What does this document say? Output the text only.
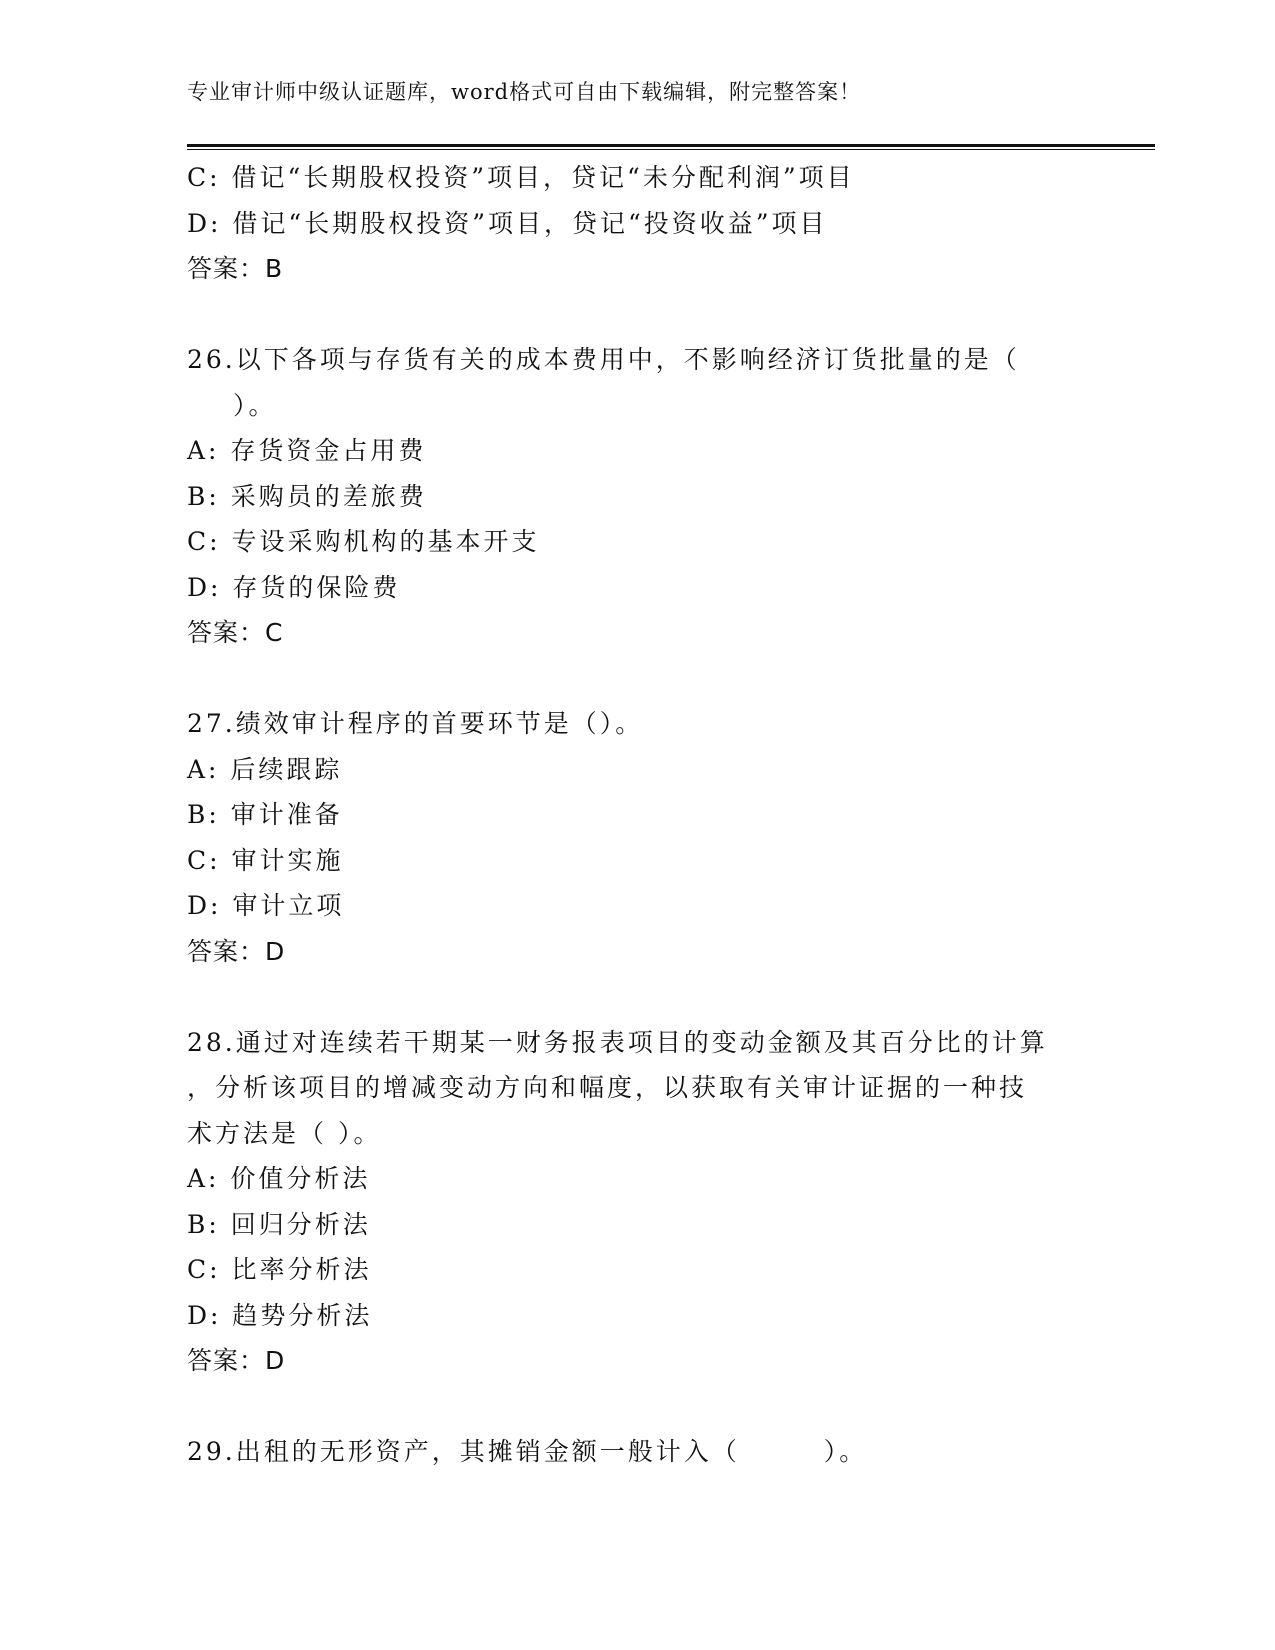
专业审计师中级认证题库，word格式可自由下载编辑，附完整答案！
C: 借记“长期股权投资”项目，贷记“未分配利润”项目
D: 借记“长期股权投资”项目，贷记“投资收益”项目
答案：B
26.以下各项与存货有关的成本费用中，不影响经济订货批量的是（
）。
A: 存货资金占用费
B: 采购员的差旅费
C: 专设采购机构的基本开支
D: 存货的保险费
答案：C
27.绩效审计程序的首要环节是（）。
A: 后续跟踪
B: 审计准备
C: 审计实施
D: 审计立项
答案：D
28.通过对连续若干期某一财务报表项目的变动金额及其百分比的计算
，分析该项目的增减变动方向和幅度，以获取有关审计证据的一种技
术方法是（ ）。
A: 价值分析法
B: 回归分析法
C: 比率分析法
D: 趋势分析法
答案：D
29.出租的无形资产，其摊销金额一般计入（　　　）。
